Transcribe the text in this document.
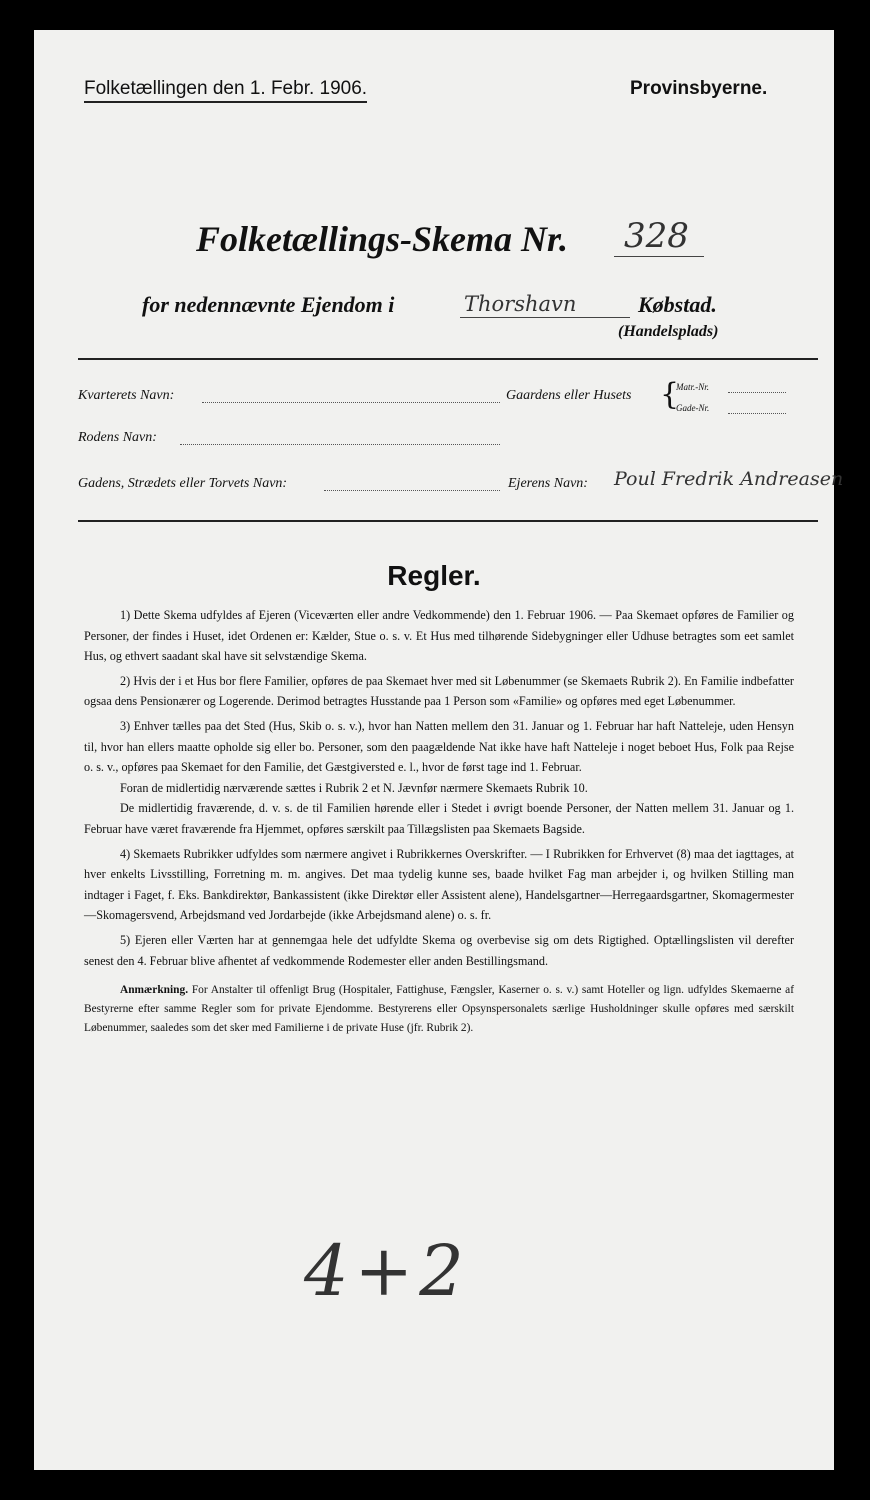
Folketællingen den 1. Febr. 1906.	Provinsbyerne.
Folketællings-Skema Nr. 328
for nedennævnte Ejendom i	Thorshavn	Købstad.
(Handelsplads)
Kvarterets Navn:	Gaardens eller Husets {
Matr.-Nr.
Gade-Nr.
Rodens Navn:
Gadens, Strædets eller Torvets Navn:	Ejerens Navn: Poul Fredrik Andreasen
Regler.

1) Dette Skema udfyldes af Ejeren (Viceværten eller andre Vedkommende) den 1. Februar 1906. — Paa Skemaet opføres de Familier og Personer, der findes i Huset, idet Ordenen er: Kælder, Stue o. s. v. Et Hus med tilhørende Sidebygninger eller Udhuse betragtes som eet samlet Hus, og ethvert saadant skal have sit selvstændige Skema.

2) Hvis der i et Hus bor flere Familier, opføres de paa Skemaet hver med sit Løbenummer (se Skemaets Rubrik 2). En Familie indbefatter ogsaa dens Pensionærer og Logerende. Derimod betragtes Husstande paa 1 Person som «Familie» og opføres med eget Løbenummer.

3) Enhver tælles paa det Sted (Hus, Skib o. s. v.), hvor han Natten mellem den 31. Januar og 1. Februar har haft Natteleje, uden Hensyn til, hvor han ellers maatte opholde sig eller bo. Personer, som den paagældende Nat ikke have haft Natteleje i noget beboet Hus, Folk paa Rejse o. s. v., opføres paa Skemaet for den Familie, det Gæstgiversted e. l., hvor de først tage ind 1. Februar.

Foran de midlertidig nærværende sættes i Rubrik 2 et N. Jævnfør nærmere Skemaets Rubrik 10.

De midlertidig fraværende, d. v. s. de til Familien hørende eller i Stedet i øvrigt boende Personer, der Natten mellem 31. Januar og 1. Februar have været fraværende fra Hjemmet, opføres særskilt paa Tillægslisten paa Skemaets Bagside.

4) Skemaets Rubrikker udfyldes som nærmere angivet i Rubrikkernes Overskrifter. — I Rubrikken for Erhvervet (8) maa det iagttages, at hver enkelts Livsstilling, Forretning m. m. angives. Det maa tydelig kunne ses, baade hvilket Fag man arbejder i, og hvilken Stilling man indtager i Faget, f. Eks. Bankdirektør, Bankassistent (ikke Direktør eller Assistent alene), Handelsgartner—Herregaardsgartner, Skomagermester—Skomagersvend, Arbejdsmand ved Jordarbejde (ikke Arbejdsmand alene) o. s. fr.

5) Ejeren eller Værten har at gennemgaa hele det udfyldte Skema og overbevise sig om dets Rigtighed. Optællingslisten vil derefter senest den 4. Februar blive afhentet af vedkommende Rodemester eller anden Bestillingsmand.

Anmærkning. For Anstalter til offenligt Brug (Hospitaler, Fattighuse, Fængsler, Kaserner o. s. v.) samt Hoteller og lign. udfyldes Skemaerne af Bestyrerne efter samme Regler som for private Ejendomme. Bestyrerens eller Opsynspersonalets særlige Husholdninger skulle opføres med særskilt Løbenummer, saaledes som det sker med Familierne i de private Huse (jfr. Rubrik 2).

4+2
